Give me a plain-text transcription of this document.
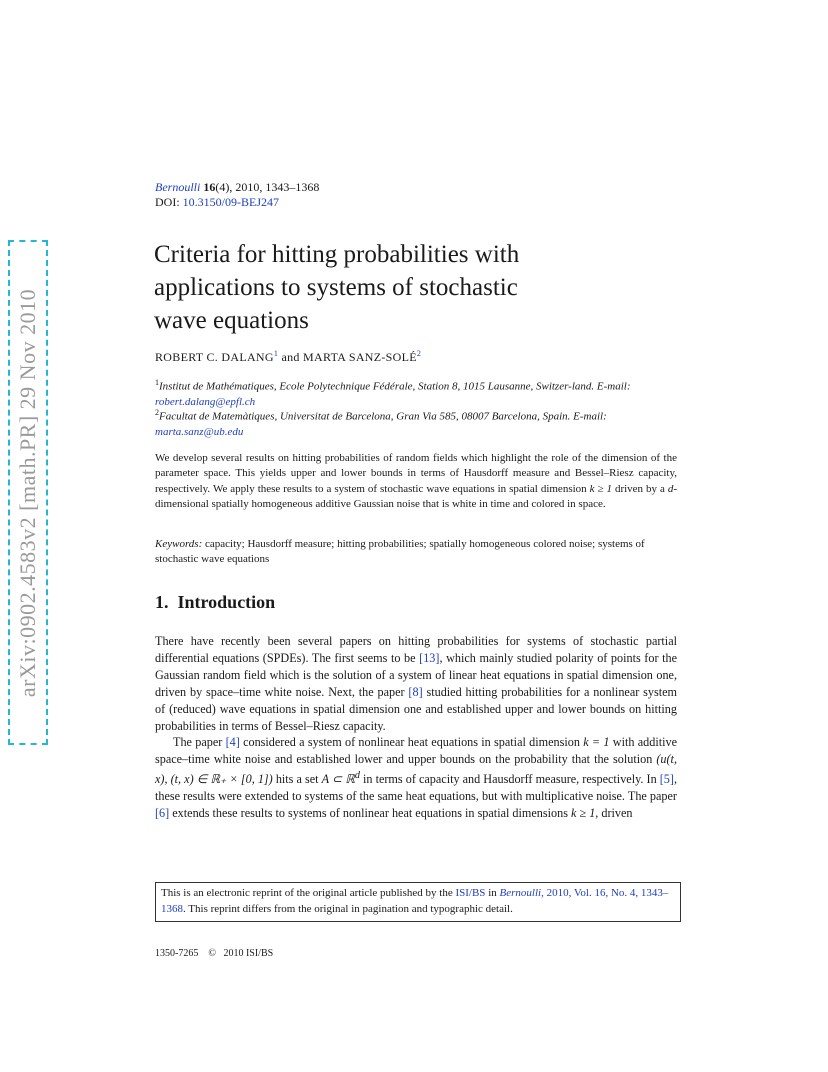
arXiv:0902.4583v2 [math.PR] 29 Nov 2010
Bernoulli 16(4), 2010, 1343–1368
DOI: 10.3150/09-BEJ247
Criteria for hitting probabilities with
applications to systems of stochastic
wave equations
ROBERT C. DALANG$^1$ and MARTA SANZ-SOLÉ$^2$
$^1$Institut de Mathématiques, Ecole Polytechnique Fédérale, Station 8, 1015 Lausanne, Switzer-land. E-mail: robert.dalang@epfl.ch
$^2$Facultat de Matemàtiques, Universitat de Barcelona, Gran Via 585, 08007 Barcelona, Spain. E-mail: marta.sanz@ub.edu
We develop several results on hitting probabilities of random fields which highlight the role of the dimension of the parameter space. This yields upper and lower bounds in terms of Hausdorff measure and Bessel–Riesz capacity, respectively. We apply these results to a system of stochastic wave equations in spatial dimension k ≥ 1 driven by a d-dimensional spatially homogeneous additive Gaussian noise that is white in time and colored in space.
Keywords: capacity; Hausdorff measure; hitting probabilities; spatially homogeneous colored noise; systems of stochastic wave equations
1. Introduction

There have recently been several papers on hitting probabilities for systems of stochastic partial differential equations (SPDEs). The first seems to be [13], which mainly studied polarity of points for the Gaussian random field which is the solution of a system of linear heat equations in spatial dimension one, driven by space–time white noise. Next, the paper [8] studied hitting probabilities for a nonlinear system of (reduced) wave equations in spatial dimension one and established upper and lower bounds on hitting probabilities in terms of Bessel–Riesz capacity.

The paper [4] considered a system of nonlinear heat equations in spatial dimension k = 1 with additive space–time white noise and established lower and upper bounds on the probability that the solution (u(t, x), (t, x) ∈ ℝ₊ × [0, 1]) hits a set A ⊂ ℝ$^d$ in terms of capacity and Hausdorff measure, respectively. In [5], these results were extended to systems of the same heat equations, but with multiplicative noise. The paper [6] extends these results to systems of nonlinear heat equations in spatial dimensions k ≥ 1, driven

This is an electronic reprint of the original article published by the ISI/BS in Bernoulli, 2010, Vol. 16, No. 4, 1343–1368. This reprint differs from the original in pagination and typographic detail.
1350-7265 © 2010 ISI/BS
